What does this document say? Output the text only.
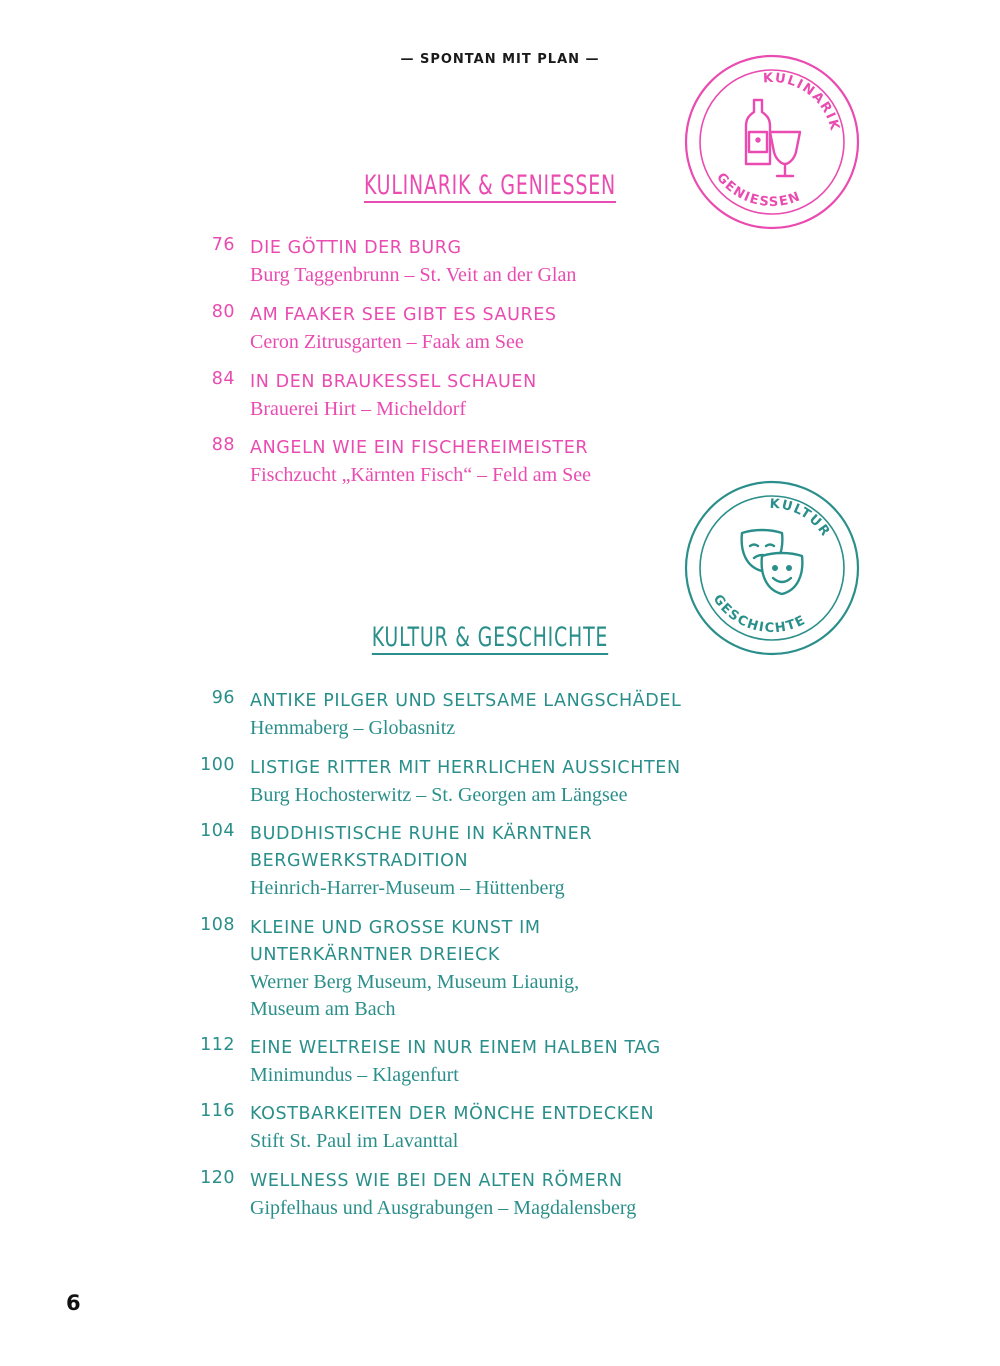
— SPONTAN MIT PLAN —
KULINARIK & GENIESSEN
KULINARIK
GENIESSEN
KULTUR & GESCHICHTE
KULTUR
GESCHICHTE
76 DIE GÖTTIN DER BURG
Burg Taggenbrunn – St. Veit an der Glan
80 AM FAAKER SEE GIBT ES SAURES
Ceron Zitrusgarten – Faak am See
84 IN DEN BRAUKESSEL SCHAUEN
Brauerei Hirt – Micheldorf
88 ANGELN WIE EIN FISCHEREIMEISTER
Fischzucht „Kärnten Fisch“ – Feld am See
96 ANTIKE PILGER UND SELTSAME LANGSCHÄDEL
Hemmaberg – Globasnitz
100 LISTIGE RITTER MIT HERRLICHEN AUSSICHTEN
Burg Hochosterwitz – St. Georgen am Längsee
104 BUDDHISTISCHE RUHE IN KÄRNTNER
BERGWERKSTRADITION
Heinrich-Harrer-Museum – Hüttenberg
108 KLEINE UND GROSSE KUNST IM
UNTERKÄRNTNER DREIECK
Werner Berg Museum, Museum Liaunig,
Museum am Bach
112 EINE WELTREISE IN NUR EINEM HALBEN TAG
Minimundus – Klagenfurt
116 KOSTBARKEITEN DER MÖNCHE ENTDECKEN
Stift St. Paul im Lavanttal
120 WELLNESS WIE BEI DEN ALTEN RÖMERN
Gipfelhaus und Ausgrabungen – Magdalensberg
6
